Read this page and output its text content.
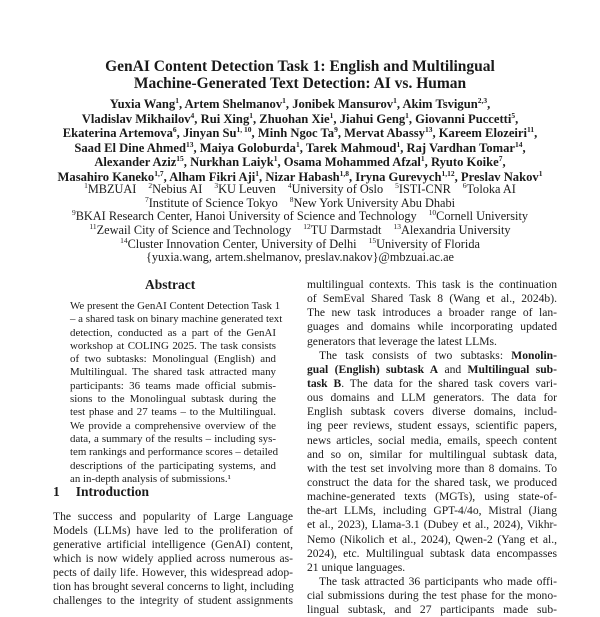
GenAI Content Detection Task 1: English and Multilingual
Machine-Generated Text Detection: AI vs. Human
Yuxia Wang$^1$, Artem Shelmanov$^1$, Jonibek Mansurov$^1$, Akim Tsvigun$^{2,3}$,
Vladislav Mikhailov$^4$, Rui Xing$^1$, Zhuohan Xie$^1$, Jiahui Geng$^1$, Giovanni Puccetti$^5$,
Ekaterina Artemova$^6$, Jinyan Su$^{1, 10}$, Minh Ngoc Ta$^9$, Mervat Abassy$^{13}$, Kareem Elozeiri$^{11}$,
Saad El Dine Ahmed$^{13}$, Maiya Goloburda$^1$, Tarek Mahmoud$^1$, Raj Vardhan Tomar$^{14}$,
Alexander Aziz$^{15}$, Nurkhan Laiyk$^1$, Osama Mohammed Afzal$^1$, Ryuto Koike$^7$,
Masahiro Kaneko$^{1,7}$, Alham Fikri Aji$^1$, Nizar Habash$^{1,8}$, Iryna Gurevych$^{1,12}$, Preslav Nakov$^1$
$^1$MBZUAI $^2$Nebius AI $^3$KU Leuven $^4$University of Oslo $^5$ISTI-CNR $^6$Toloka AI
$^7$Institute of Science Tokyo $^8$New York University Abu Dhabi
$^9$BKAI Research Center, Hanoi University of Science and Technology $^{10}$Cornell University
$^{11}$Zewail City of Science and Technology $^{12}$TU Darmstadt $^{13}$Alexandria University
$^{14}$Cluster Innovation Center, University of Delhi $^{15}$University of Florida
{yuxia.wang, artem.shelmanov, preslav.nakov}@mbzuai.ac.ae
Abstract
We present the GenAI Content Detection Task 1
– a shared task on binary machine generated text
detection, conducted as a part of the GenAI
workshop at COLING 2025. The task consists
of two subtasks: Monolingual (English) and
Multilingual. The shared task attracted many
participants: 36 teams made official submis-
sions to the Monolingual subtask during the
test phase and 27 teams – to the Multilingual.
We provide a comprehensive overview of the
data, a summary of the results – including sys-
tem rankings and performance scores – detailed
descriptions of the participating systems, and
an in-depth analysis of submissions.¹
1 Introduction
The success and popularity of Large Language
Models (LLMs) have led to the proliferation of
generative artificial intelligence (GenAI) content,
which is now widely applied across numerous as-
pects of daily life. However, this widespread adop-
tion has brought several concerns to light, including
challenges to the integrity of student assignments
multilingual contexts. This task is the continuation
of SemEval Shared Task 8 (Wang et al., 2024b).
The new task introduces a broader range of lan-
guages and domains while incorporating updated
generators that leverage the latest LLMs.
The task consists of two subtasks: Monolin-
gual (English) subtask A and Multilingual sub-
task B. The data for the shared task covers vari-
ous domains and LLM generators. The data for
English subtask covers diverse domains, includ-
ing peer reviews, student essays, scientific papers,
news articles, social media, emails, speech content
and so on, similar for multilingual subtask data,
with the test set involving more than 8 domains. To
construct the data for the shared task, we produced
machine-generated texts (MGTs), using state-of-
the-art LLMs, including GPT-4/4o, Mistral (Jiang
et al., 2023), Llama-3.1 (Dubey et al., 2024), Vikhr-
Nemo (Nikolich et al., 2024), Qwen-2 (Yang et al.,
2024), etc. Multilingual subtask data encompasses
21 unique languages.
The task attracted 36 participants who made offi-
cial submissions during the test phase for the mono-
lingual subtask, and 27 participants made sub-
